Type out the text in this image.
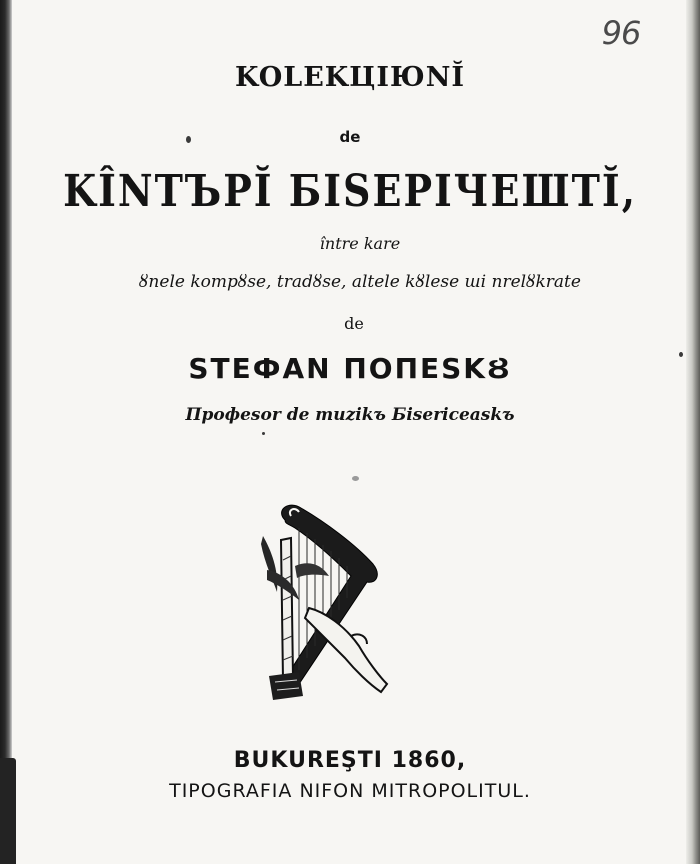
96
KOLEKЦIЮNĬ
de
KÎNTЪPĬ БISEPIЧEШTĬ,
între kare
ȣnele kompȣse, tradȣse, altele kȣlese ші пrelȣkrate
de
STEФAN ПOПESKȢ
Профesor de muzikъ Бisericeaskъ
BUKUREŞTI 1860,
TIPOGRAFIA NIFON MITROPOLITUL.
